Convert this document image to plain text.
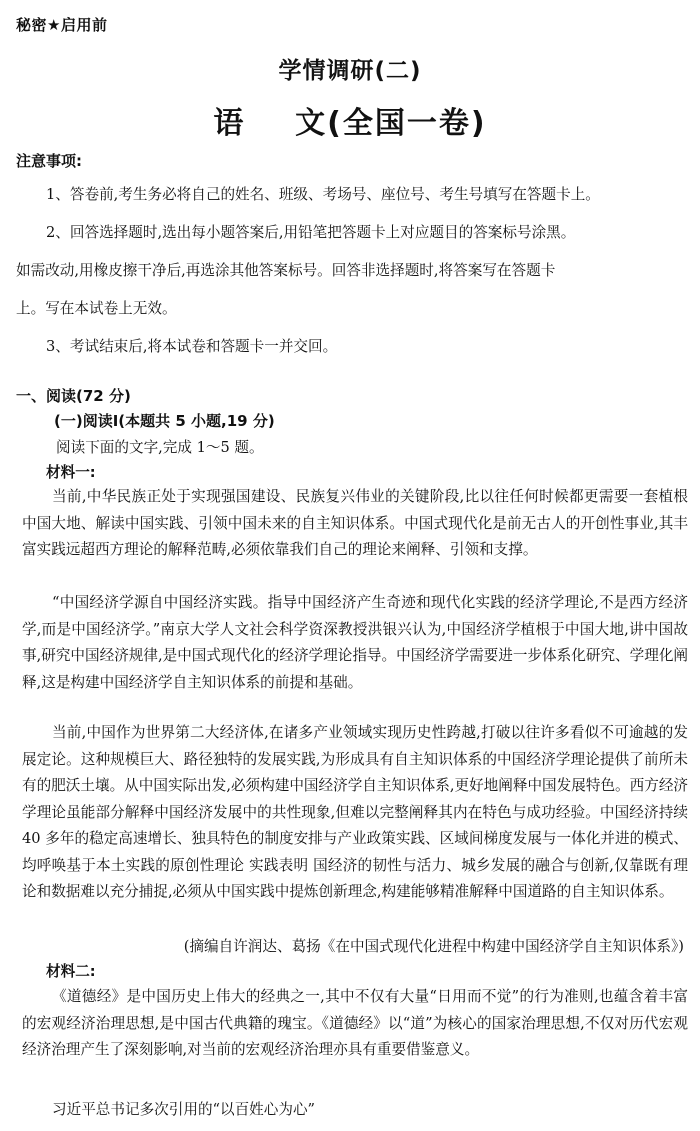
秘密★启用前
学情调研(二)
语    文(全国一卷)
注意事项:
1、答卷前,考生务必将自己的姓名、班级、考场号、座位号、考生号填写在答题卡上。
2、回答选择题时,选出每小题答案后,用铅笔把答题卡上对应题目的答案标号涂黑。
如需改动,用橡皮擦干净后,再选涂其他答案标号。回答非选择题时,将答案写在答题卡
上。写在本试卷上无效。
3、考试结束后,将本试卷和答题卡一并交回。
一、阅读(72 分)
(一)阅读Ⅰ(本题共 5 小题,19 分)
阅读下面的文字,完成 1～5 题。
材料一:
当前,中华民族正处于实现强国建设、民族复兴伟业的关键阶段,比以往任何时候都更需要一套植根中国大地、解读中国实践、引领中国未来的自主知识体系。中国式现代化是前无古人的开创性事业,其丰富实践远超西方理论的解释范畴,必须依靠我们自己的理论来阐释、引领和支撑。
“中国经济学源自中国经济实践。指导中国经济产生奇迹和现代化实践的经济学理论,不是西方经济学,而是中国经济学。”南京大学人文社会科学资深教授洪银兴认为,中国经济学植根于中国大地,讲中国故事,研究中国经济规律,是中国式现代化的经济学理论指导。中国经济学需要进一步体系化研究、学理化阐释,这是构建中国经济学自主知识体系的前提和基础。
当前,中国作为世界第二大经济体,在诸多产业领域实现历史性跨越,打破以往许多看似不可逾越的发展定论。这种规模巨大、路径独特的发展实践,为形成具有自主知识体系的中国经济学理论提供了前所未有的肥沃土壤。从中国实际出发,必须构建中国经济学自主知识体系,更好地阐释中国发展特色。西方经济学理论虽能部分解释中国经济发展中的共性现象,但难以完整阐释其内在特色与成功经验。中国经济持续 40 多年的稳定高速增长、独具特色的制度安排与产业政策实践、区域间梯度发展与一体化并进的模式、均呼唤基于本土实践的原创性理论 实践表明 国经济的韧性与活力、城乡发展的融合与创新,仅靠既有理论和数据难以充分捕捉,必须从中国实践中提炼创新理念,构建能够精准解释中国道路的自主知识体系。
(摘编自许润达、葛扬《在中国式现代化进程中构建中国经济学自主知识体系》)
材料二:
《道德经》是中国历史上伟大的经典之一,其中不仅有大量“日用而不觉”的行为准则,也蕴含着丰富的宏观经济治理思想,是中国古代典籍的瑰宝。《道德经》以“道”为核心的国家治理思想,不仅对历代宏观经济治理产生了深刻影响,对当前的宏观经济治理亦具有重要借鉴意义。
习近平总书记多次引用的“以百姓心为心”
